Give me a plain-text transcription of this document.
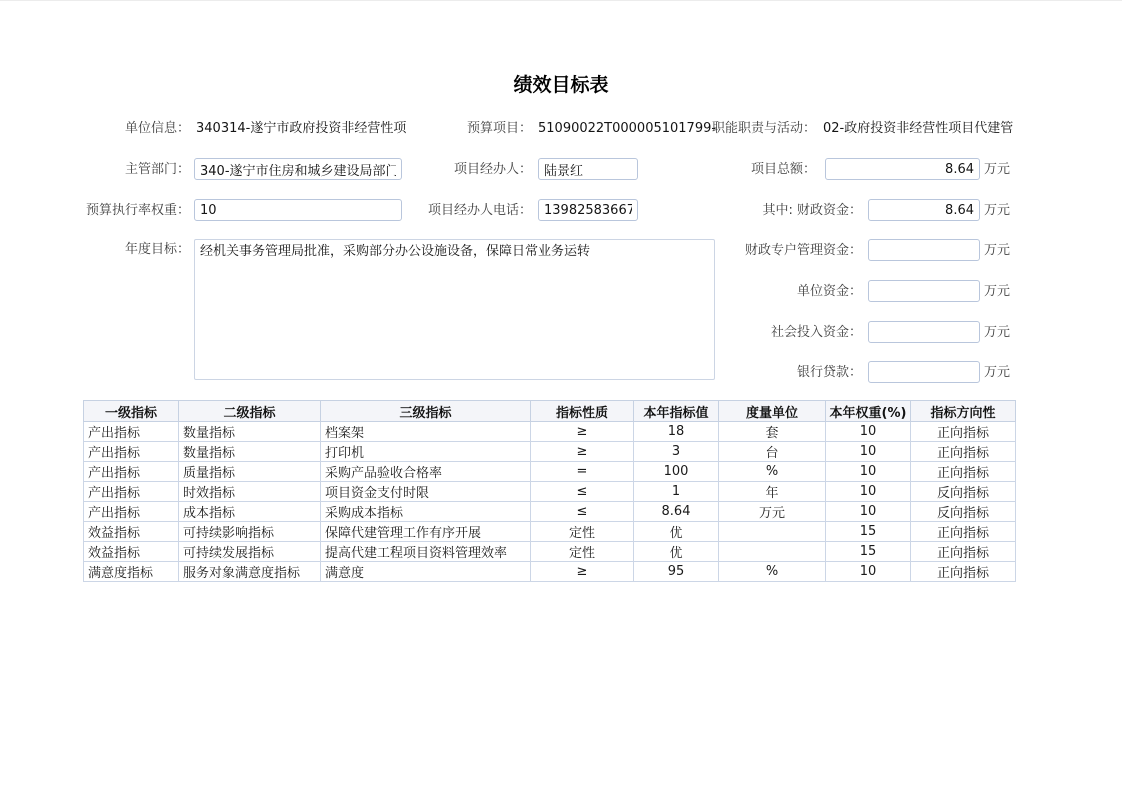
绩效目标表
单位信息： 340314-遂宁市政府投资非经营性项	预算项目： 51090022T000005101799-
职能职责与活动： 02-政府投资非经营性项目代建管
主管部门：
340-遂宁市住房和城乡建设局部门	项目经办人：
陆景红	项目总额：
8.64	万元
预算执行率权重：
10	项目经办人电话：
13982583667	其中: 财政资金：
8.64	万元
年度目标：
经机关事务管理局批准，采购部分办公设施设备，保障日常业务运转	财政专户管理资金：	万元
单位资金：	万元
社会投入资金：	万元
银行贷款：	万元
一级指标	二级指标	三级指标	指标性质	本年指标值	度量单位	本年权重(%)	指标方向性
产出指标	数量指标	档案架	≥	18	套	10	正向指标
产出指标	数量指标	打印机	≥	3	台	10	正向指标
产出指标	质量指标	采购产品验收合格率	=	100	%	10	正向指标
产出指标	时效指标	项目资金支付时限	≤	1	年	10	反向指标
产出指标	成本指标	采购成本指标	≤	8.64	万元	10	反向指标
效益指标	可持续影响指标	保障代建管理工作有序开展	定性	优		15	正向指标
效益指标	可持续发展指标	提高代建工程项目资料管理效率	定性	优		15	正向指标
满意度指标	服务对象满意度指标	满意度	≥	95	%	10	正向指标
